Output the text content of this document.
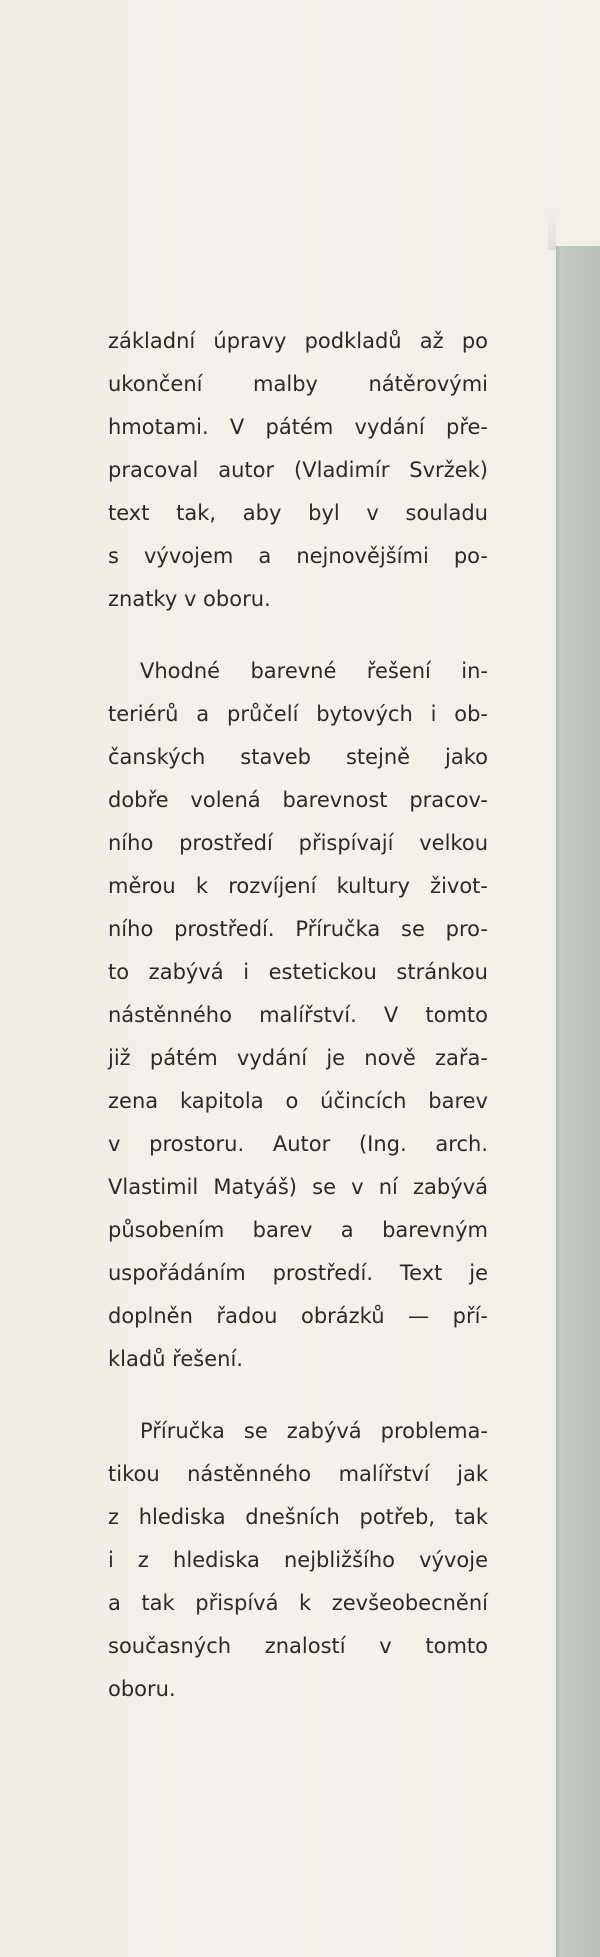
základní úpravy podkladů až po
ukončení malby nátěrovými
hmotami. V pátém vydání pře-
pracoval autor (Vladimír Svržek)
text tak, aby byl v souladu
s vývojem a nejnovějšími po-
znatky v oboru.
Vhodné barevné řešení in-
teriérů a průčelí bytových i ob-
čanských staveb stejně jako
dobře volená barevnost pracov-
ního prostředí přispívají velkou
měrou k rozvíjení kultury život-
ního prostředí. Příručka se pro-
to zabývá i estetickou stránkou
nástěnného malířství. V tomto
již pátém vydání je nově zařa-
zena kapitola o účincích barev
v prostoru. Autor (Ing. arch.
Vlastimil Matyáš) se v ní zabývá
působením barev a barevným
uspořádáním prostředí. Text je
doplněn řadou obrázků — pří-
kladů řešení.
Příručka se zabývá problema-
tikou nástěnného malířství jak
z hlediska dnešních potřeb, tak
i z hlediska nejbližšího vývoje
a tak přispívá k zevšeobecnění
současných znalostí v tomto
oboru.
